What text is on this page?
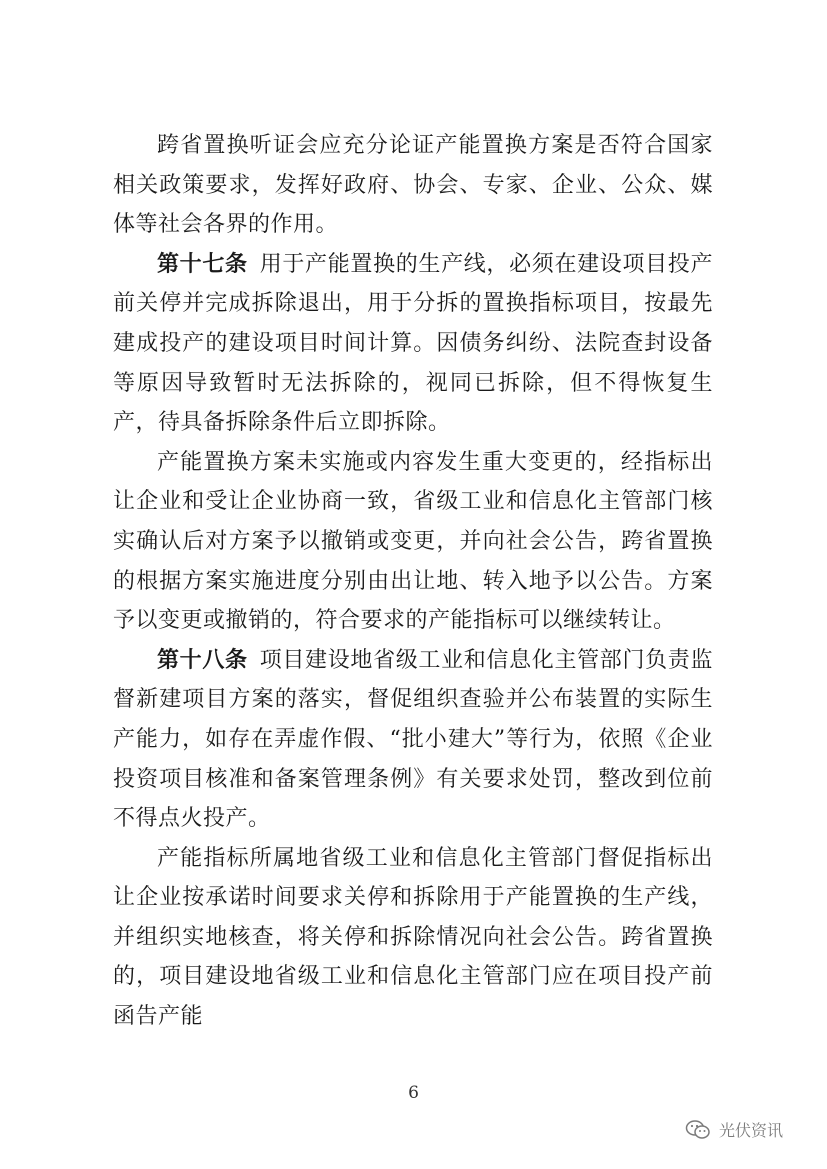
跨省置换听证会应充分论证产能置换方案是否符合国家相关政策要求，发挥好政府、协会、专家、企业、公众、媒体等社会各界的作用。

第十七条 用于产能置换的生产线，必须在建设项目投产前关停并完成拆除退出，用于分拆的置换指标项目，按最先建成投产的建设项目时间计算。因债务纠纷、法院查封设备等原因导致暂时无法拆除的，视同已拆除，但不得恢复生产，待具备拆除条件后立即拆除。

产能置换方案未实施或内容发生重大变更的，经指标出让企业和受让企业协商一致，省级工业和信息化主管部门核实确认后对方案予以撤销或变更，并向社会公告，跨省置换的根据方案实施进度分别由出让地、转入地予以公告。方案予以变更或撤销的，符合要求的产能指标可以继续转让。

第十八条 项目建设地省级工业和信息化主管部门负责监督新建项目方案的落实，督促组织查验并公布装置的实际生产能力，如存在弄虚作假、“批小建大”等行为，依照《企业投资项目核准和备案管理条例》有关要求处罚，整改到位前不得点火投产。

产能指标所属地省级工业和信息化主管部门督促指标出让企业按承诺时间要求关停和拆除用于产能置换的生产线，并组织实地核查，将关停和拆除情况向社会公告。跨省置换的，项目建设地省级工业和信息化主管部门应在项目投产前函告产能

6
光伏资讯
